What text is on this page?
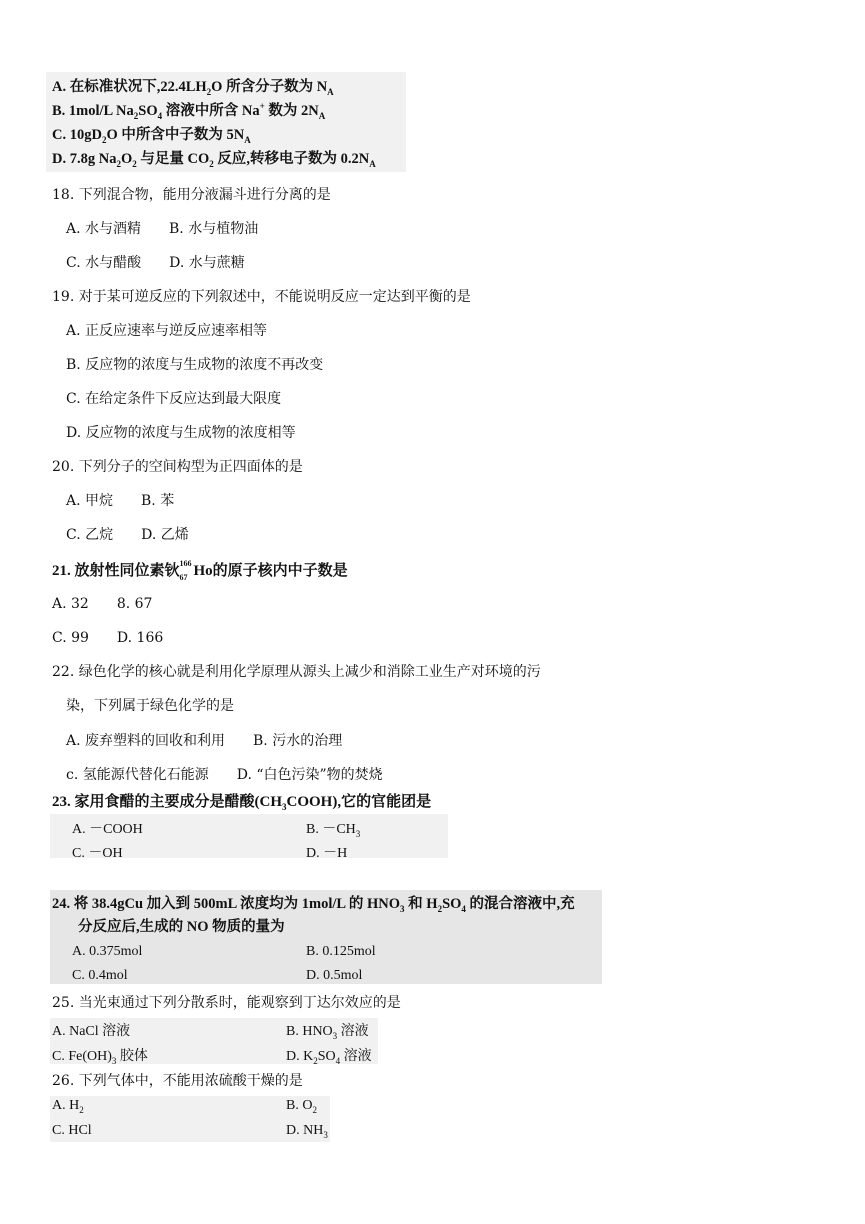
A. 在标准状况下$,22.4LH_2O$ 所含分子数为 $N_A$
B. 1mol/L $Na_2SO_4$ 溶液中所含 Na+ 数为 $2N_A$
C. $10gD_2O$ 中所含中子数为 $5N_A$
D. 7.8g $Na_2O_2$ 与足量 $CO_2$ 反应,转移电子数为 $0.2N_A$
18. 下列混合物，能用分液漏斗进行分离的是
A. 水与酒精　　B. 水与植物油
C. 水与醋酸　　D. 水与蔗糖
19. 对于某可逆反应的下列叙述中，不能说明反应一定达到平衡的是
A. 正反应速率与逆反应速率相等
B. 反应物的浓度与生成物的浓度不再改变
C. 在给定条件下反应达到最大限度
D. 反应物的浓度与生成物的浓度相等
20. 下列分子的空间构型为正四面体的是
A. 甲烷　　B. 苯
C. 乙烷　　D. 乙烯
21. 放射性同位素钬 166
67 Ho的原子核内中子数是
A. 32　　8. 67
C. 99　　D. 166
22. 绿色化学的核心就是利用化学原理从源头上减少和消除工业生产对环境的污
染，下列属于绿色化学的是
A. 废弃塑料的回收和利用　　B. 污水的治理
c. 氢能源代替化石能源　　D. “白色污染”物的焚烧
23. 家用食醋的主要成分是醋酸$(CH_3COOH)$,它的官能团是
A. －COOH	B. $-CH_3$
C. －OH	D. －H
24. 将 38.4gCu 加入到 500mL 浓度均为 1mol/L 的 $HNO_3$ 和 $H_2SO_4$ 的混合溶液中,充
分反应后,生成的 NO 物质的量为
A. 0.375mol	B. 0.125mol
C. 0.4mol	D. 0.5mol
25. 当光束通过下列分散系时，能观察到丁达尔效应的是
A. NaCl 溶液	B. $HNO_3$ 溶液
C. $Fe(OH)_3$ 胶体	D. $K_2SO_4$ 溶液
26. 下列气体中，不能用浓硫酸干燥的是
A. $H_2$	B. $O_2$
C. HCl	D. $NH_3$
